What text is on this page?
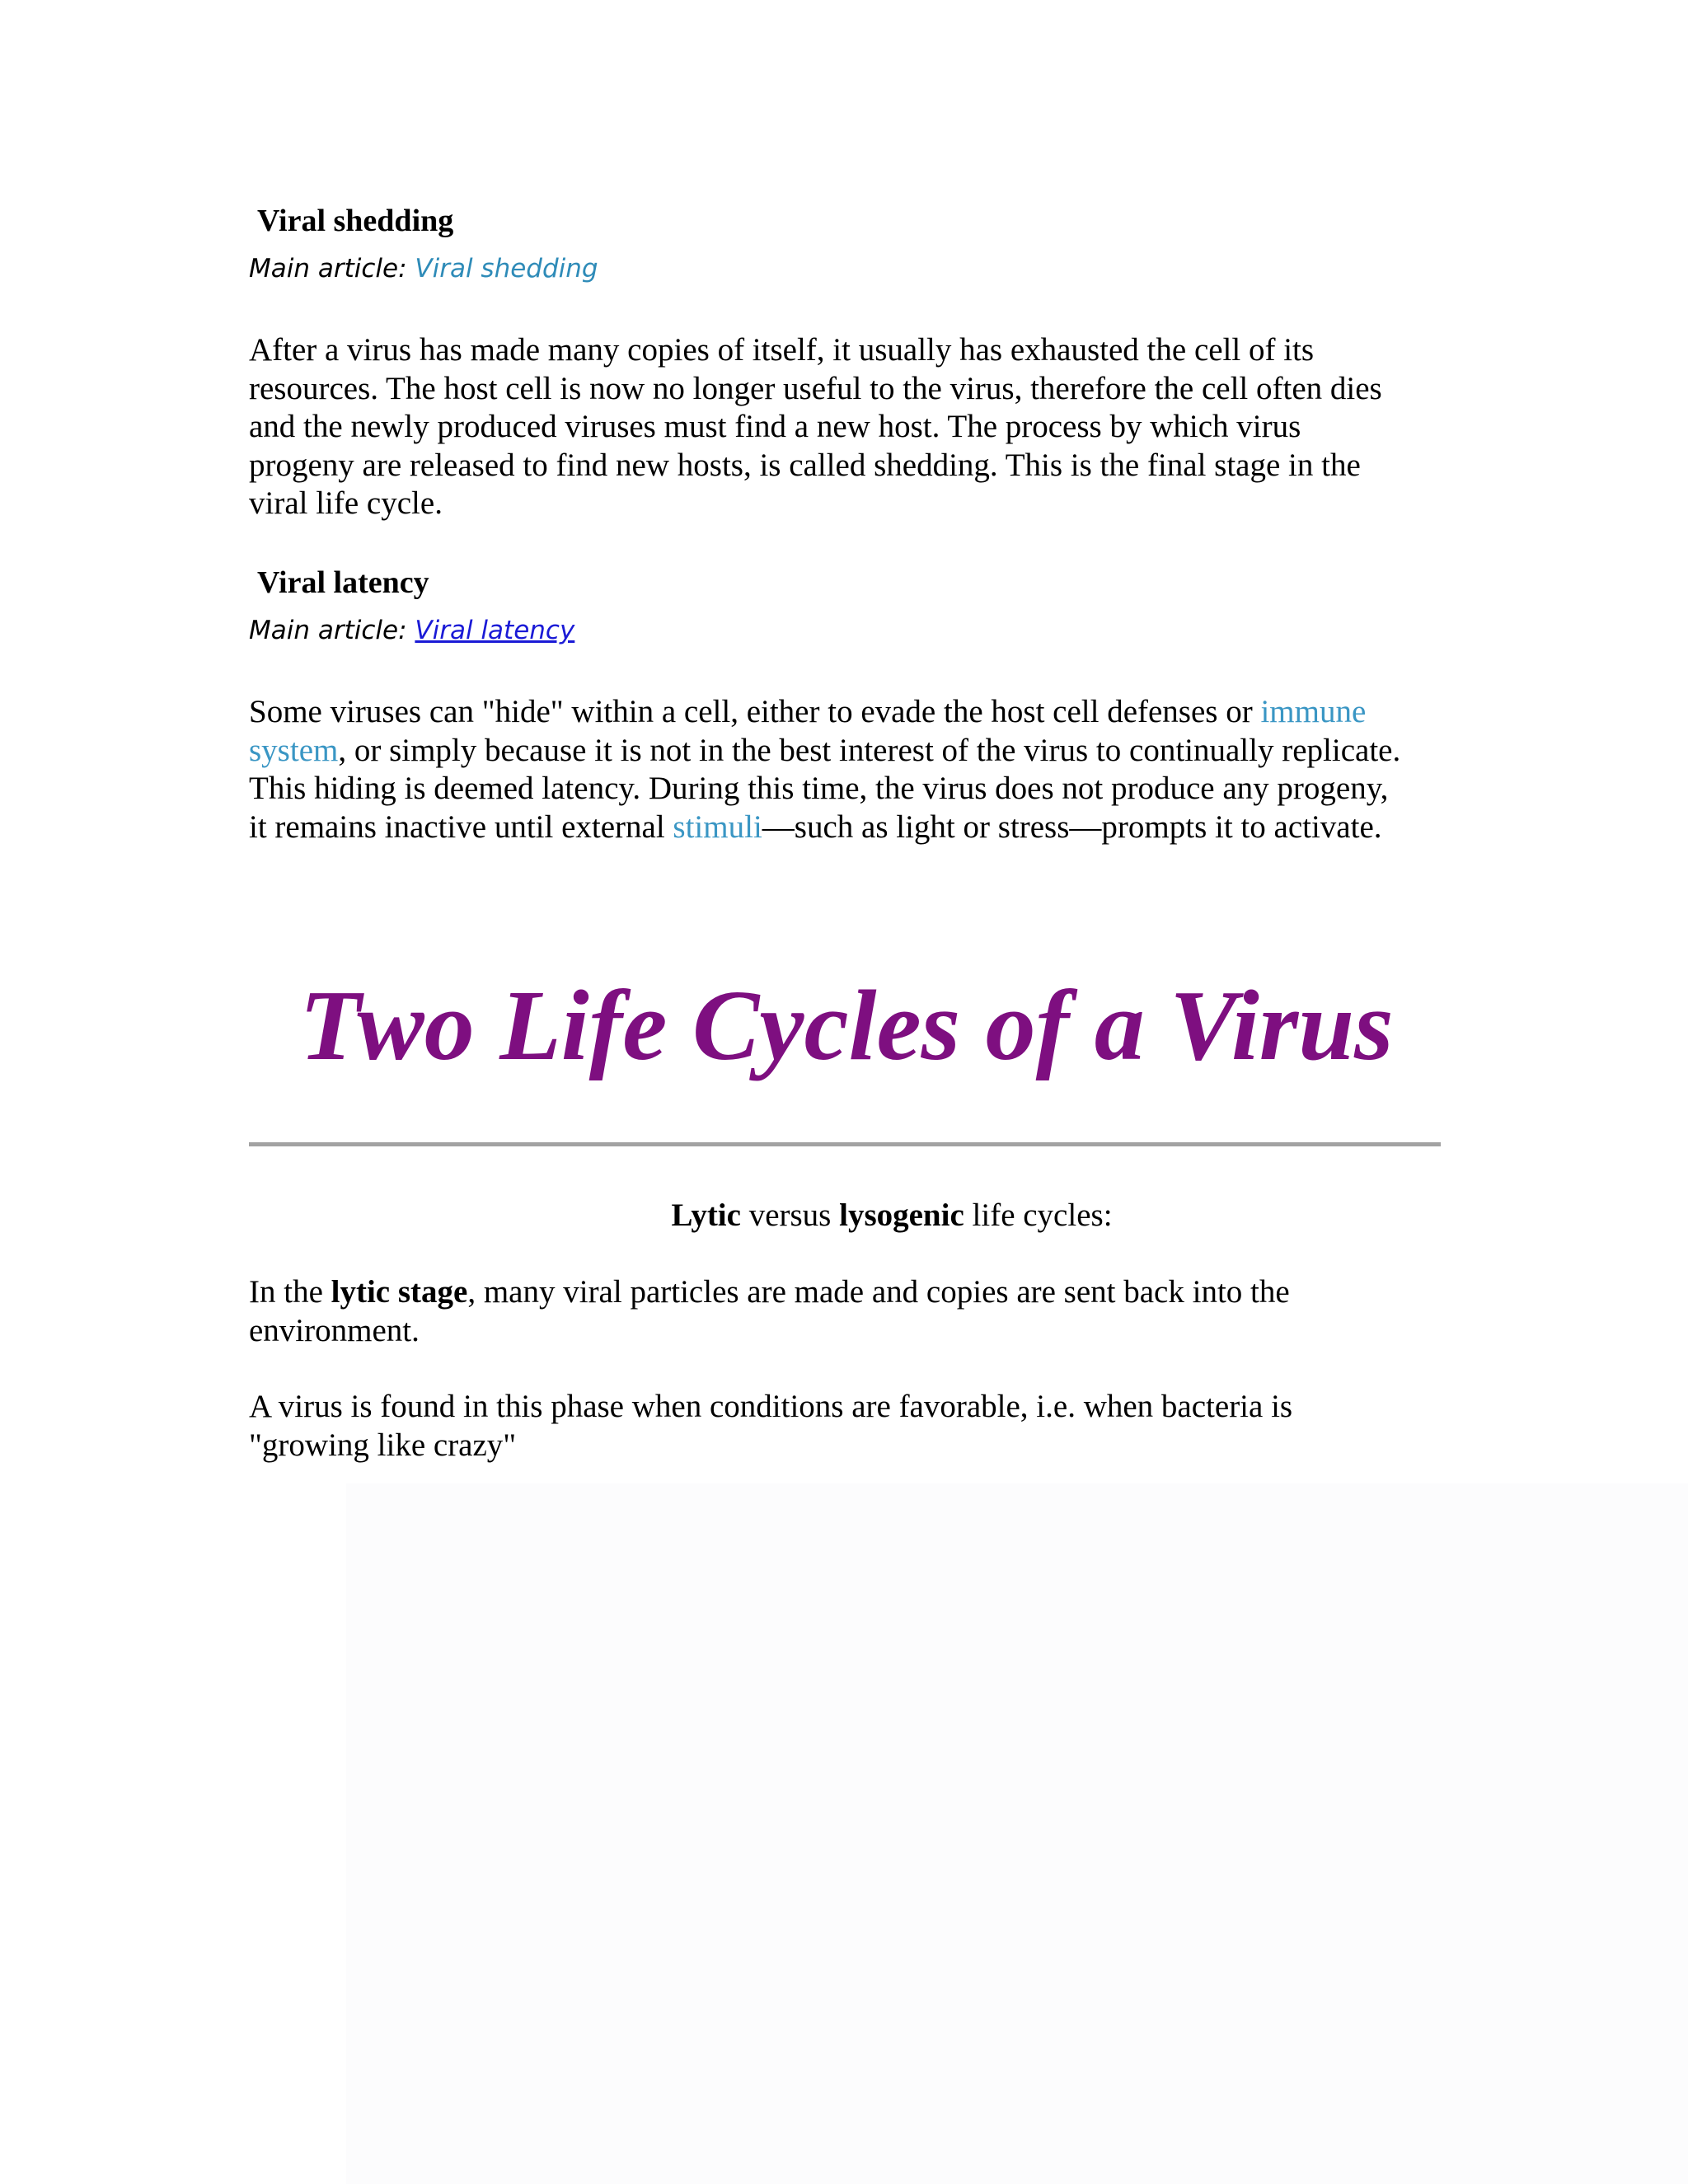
Viral shedding

Main article: Viral shedding

After a virus has made many copies of itself, it usually has exhausted the cell of its
resources. The host cell is now no longer useful to the virus, therefore the cell often dies
and the newly produced viruses must find a new host. The process by which virus
progeny are released to find new hosts, is called shedding. This is the final stage in the
viral life cycle.
Viral latency

Main article: Viral latency

Some viruses can "hide" within a cell, either to evade the host cell defenses or immune
system, or simply because it is not in the best interest of the virus to continually replicate.
This hiding is deemed latency. During this time, the virus does not produce any progeny,
it remains inactive until external stimuli—such as light or stress—prompts it to activate.
Two Life Cycles of a Virus

Lytic versus lysogenic life cycles:

In the lytic stage, many viral particles are made and copies are sent back into the
environment.
A virus is found in this phase when conditions are favorable, i.e. when bacteria is
"growing like crazy"
